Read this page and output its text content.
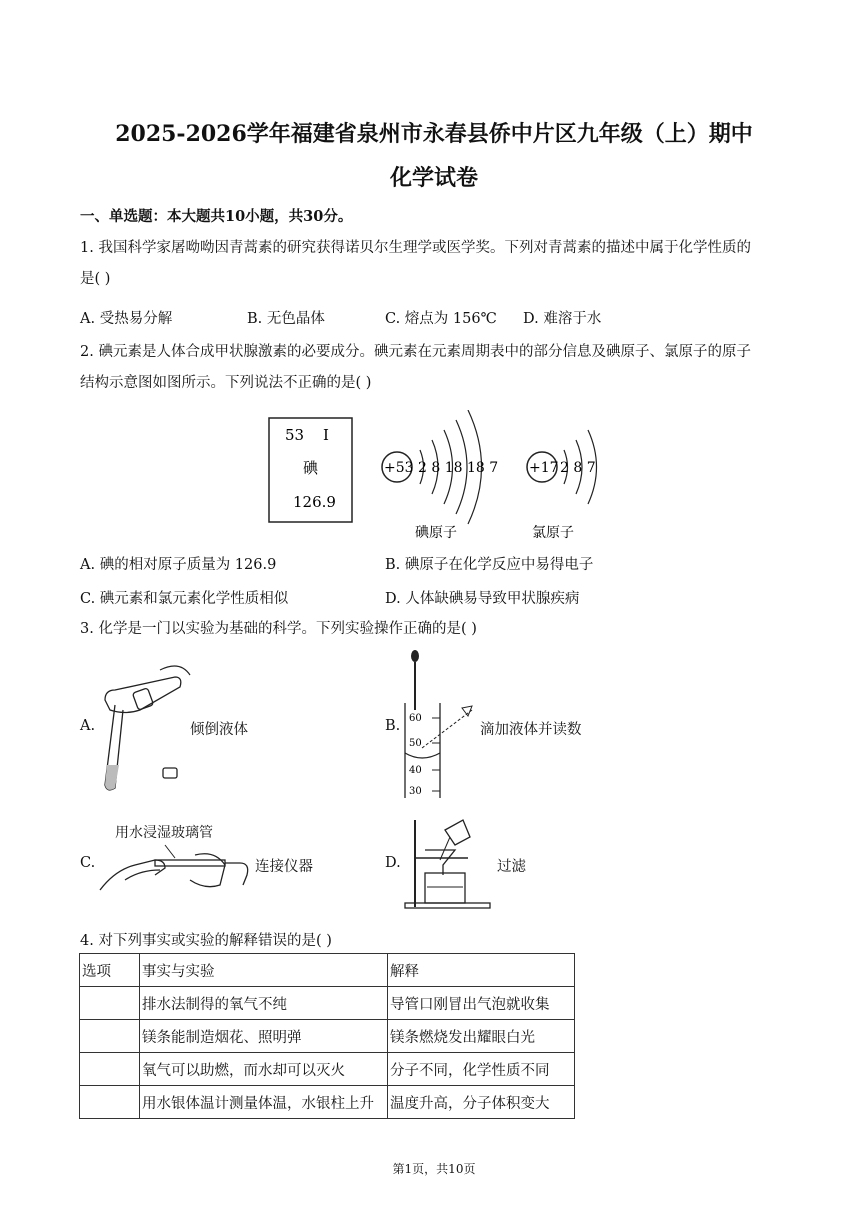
2025-2026学年福建省泉州市永春县侨中片区九年级（上）期中
化学试卷
一、单选题：本大题共10小题，共30分。
1. 我国科学家屠呦呦因青蒿素的研究获得诺贝尔生理学或医学奖。下列对青蒿素的描述中属于化学性质的
是( )
A. 受热易分解	B. 无色晶体	C. 熔点为 156℃ D. 难溶于水
2. 碘元素是人体合成甲状腺激素的必要成分。碘元素在元素周期表中的部分信息及碘原子、氯原子的原子
结构示意图如图所示。下列说法不正确的是( )
53 I
碘
126.9
+53 2 8 18 18 7
碘原子
+17 2 8 7
氯原子
A. 碘的相对原子质量为 126.9	B. 碘原子在化学反应中易得电子
C. 碘元素和氯元素化学性质相似	D. 人体缺碘易导致甲状腺疾病
3. 化学是一门以实验为基础的科学。下列实验操作正确的是( )
A.	倾倒液体	B. 60
50
40
30
滴加液体并读数
用水浸湿玻璃管
C.	连接仪器	D.	过滤
4. 对下列事实或实验的解释错误的是( )
选项	事实与实验	解释
	排水法制得的氧气不纯	导管口刚冒出气泡就收集
	镁条能制造烟花、照明弹	镁条燃烧发出耀眼白光
	氧气可以助燃，而水却可以灭火	分子不同，化学性质不同
	用水银体温计测量体温，水银柱上升	温度升高，分子体积变大
第1页，共10页
